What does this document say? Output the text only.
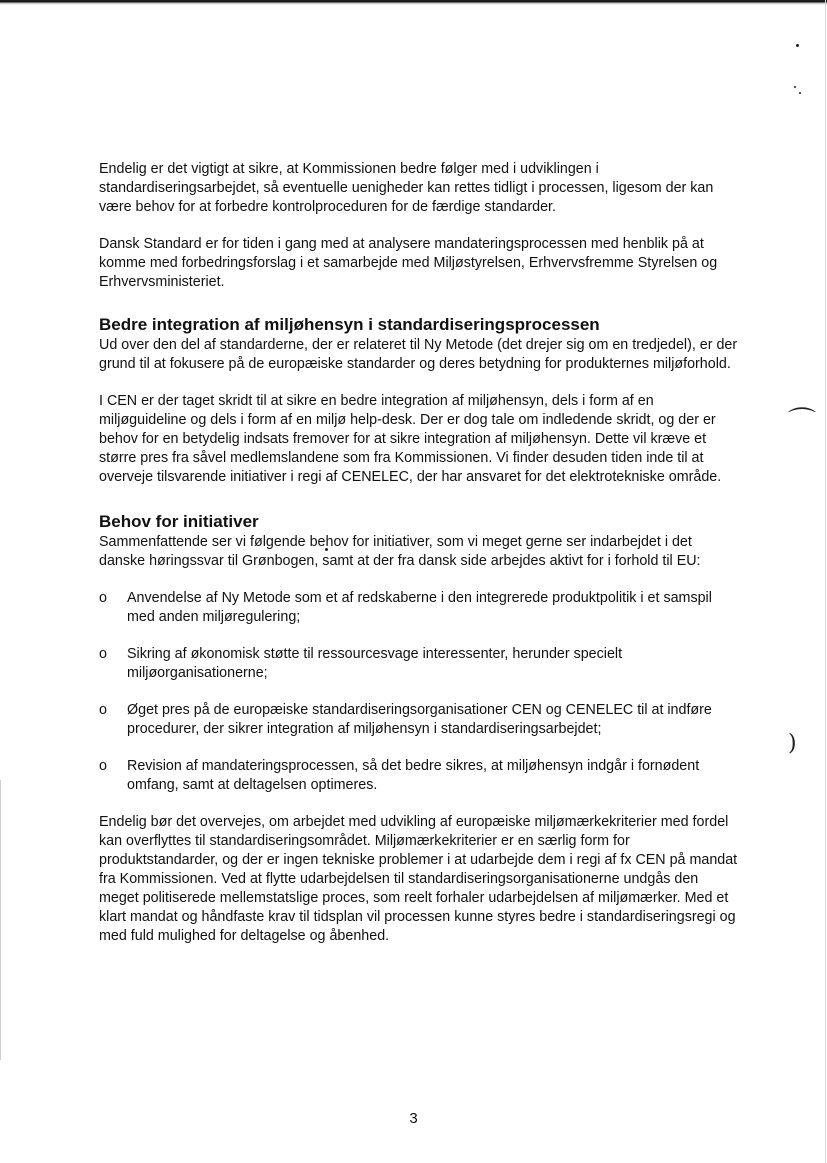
⌒
)

Endelig er det vigtigt at sikre, at Kommissionen bedre følger med i udviklingen i standardiseringsarbejdet, så eventuelle uenigheder kan rettes tidligt i processen, ligesom der kan være behov for at forbedre kontrolproceduren for de færdige standarder.

Dansk Standard er for tiden i gang med at analysere mandateringsprocessen med henblik på at komme med forbedringsforslag i et samarbejde med Miljøstyrelsen, Erhvervsfremme Styrelsen og Erhvervsministeriet.

Bedre integration af miljøhensyn i standardiseringsprocessen

Ud over den del af standarderne, der er relateret til Ny Metode (det drejer sig om en tredjedel), er der grund til at fokusere på de europæiske standarder og deres betydning for produkternes miljøforhold.

I CEN er der taget skridt til at sikre en bedre integration af miljøhensyn, dels i form af en miljøguideline og dels i form af en miljø help-desk. Der er dog tale om indledende skridt, og der er behov for en betydelig indsats fremover for at sikre integration af miljøhensyn. Dette vil kræve et større pres fra såvel medlemslandene som fra Kommissionen. Vi finder desuden tiden inde til at overveje tilsvarende initiativer i regi af CENELEC, der har ansvaret for det elektrotekniske område.

Behov for initiativer

Sammenfattende ser vi følgende behov for initiativer, som vi meget gerne ser indarbejdet i det danske høringssvar til Grønbogen, samt at der fra dansk side arbejdes aktivt for i forhold til EU:

o Anvendelse af Ny Metode som et af redskaberne i den integrerede produktpolitik i et samspil med anden miljøregulering;
o Sikring af økonomisk støtte til ressourcesvage interessenter, herunder specielt miljøorganisationerne;
o Øget pres på de europæiske standardiseringsorganisationer CEN og CENELEC til at indføre procedurer, der sikrer integration af miljøhensyn i standardiseringsarbejdet;
o Revision af mandateringsprocessen, så det bedre sikres, at miljøhensyn indgår i fornødent omfang, samt at deltagelsen optimeres.

Endelig bør det overvejes, om arbejdet med udvikling af europæiske miljømærkekriterier med fordel kan overflyttes til standardiseringsområdet. Miljømærkekriterier er en særlig form for produktstandarder, og der er ingen tekniske problemer i at udarbejde dem i regi af fx CEN på mandat fra Kommissionen. Ved at flytte udarbejdelsen til standardiseringsorganisationerne undgås den meget politiserede mellemstatslige proces, som reelt forhaler udarbejdelsen af miljømærker. Med et klart mandat og håndfaste krav til tidsplan vil processen kunne styres bedre i standardiseringsregi og med fuld mulighed for deltagelse og åbenhed.

3
